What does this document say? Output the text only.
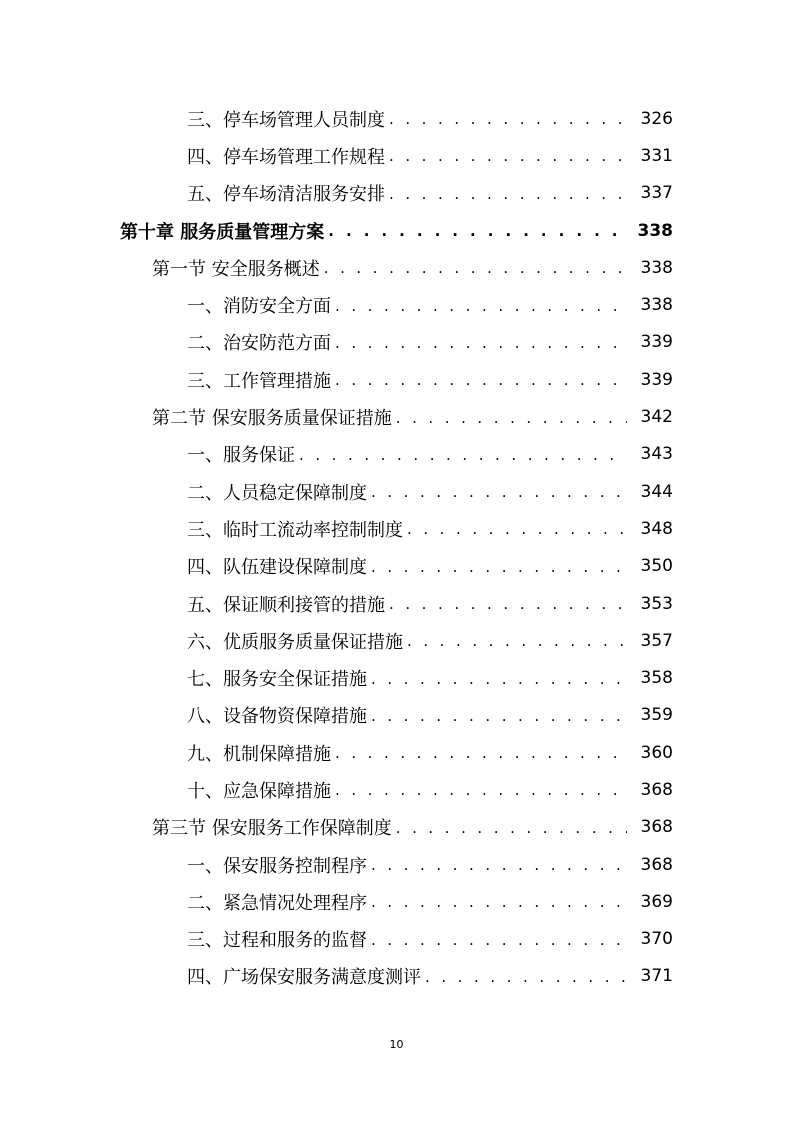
三、停车场管理人员制度 . . .	326
四、停车场管理工作规程 . . .	331
五、停车场清洁服务安排 . . .	337
第十章 服务质量管理方案 . . .	338
第一节 安全服务概述 . . .	338
一、消防安全方面 . . .	338
二、治安防范方面 . . .	339
三、工作管理措施 . . .	339
第二节 保安服务质量保证措施 . . .	342
一、服务保证 . . .	343
二、人员稳定保障制度 . . .	344
三、临时工流动率控制制度 . . .	348
四、队伍建设保障制度 . . .	350
五、保证顺利接管的措施 . . .	353
六、优质服务质量保证措施 . . .	357
七、服务安全保证措施 . . .	358
八、设备物资保障措施 . . .	359
九、机制保障措施 . . .	360
十、应急保障措施 . . .	368
第三节 保安服务工作保障制度 . . .	368
一、保安服务控制程序 . . .	368
二、紧急情况处理程序 . . .	369
三、过程和服务的监督 . . .	370
四、广场保安服务满意度测评 . . .	371
10
